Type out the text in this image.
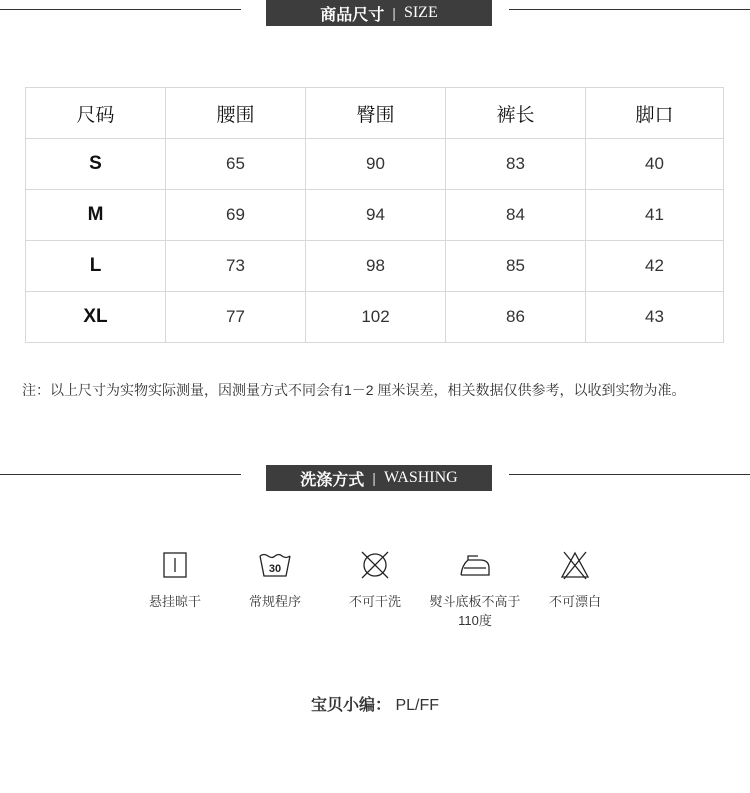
商品尺寸 | SIZE
尺码	腰围	臀围	裤长	脚口
S	65	90	83	40
M	69	94	84	41
L	73	98	85	42
XL	77	102	86	43
注：以上尺寸为实物实际测量，因测量方式不同会有1－2 厘米误差，相关数据仅供参考，以收到实物为准。
洗涤方式 | WASHING
悬挂晾干
30
常规程序	不可干洗	熨斗底板不高于110度
不可漂白
宝贝小编： PL/FF
